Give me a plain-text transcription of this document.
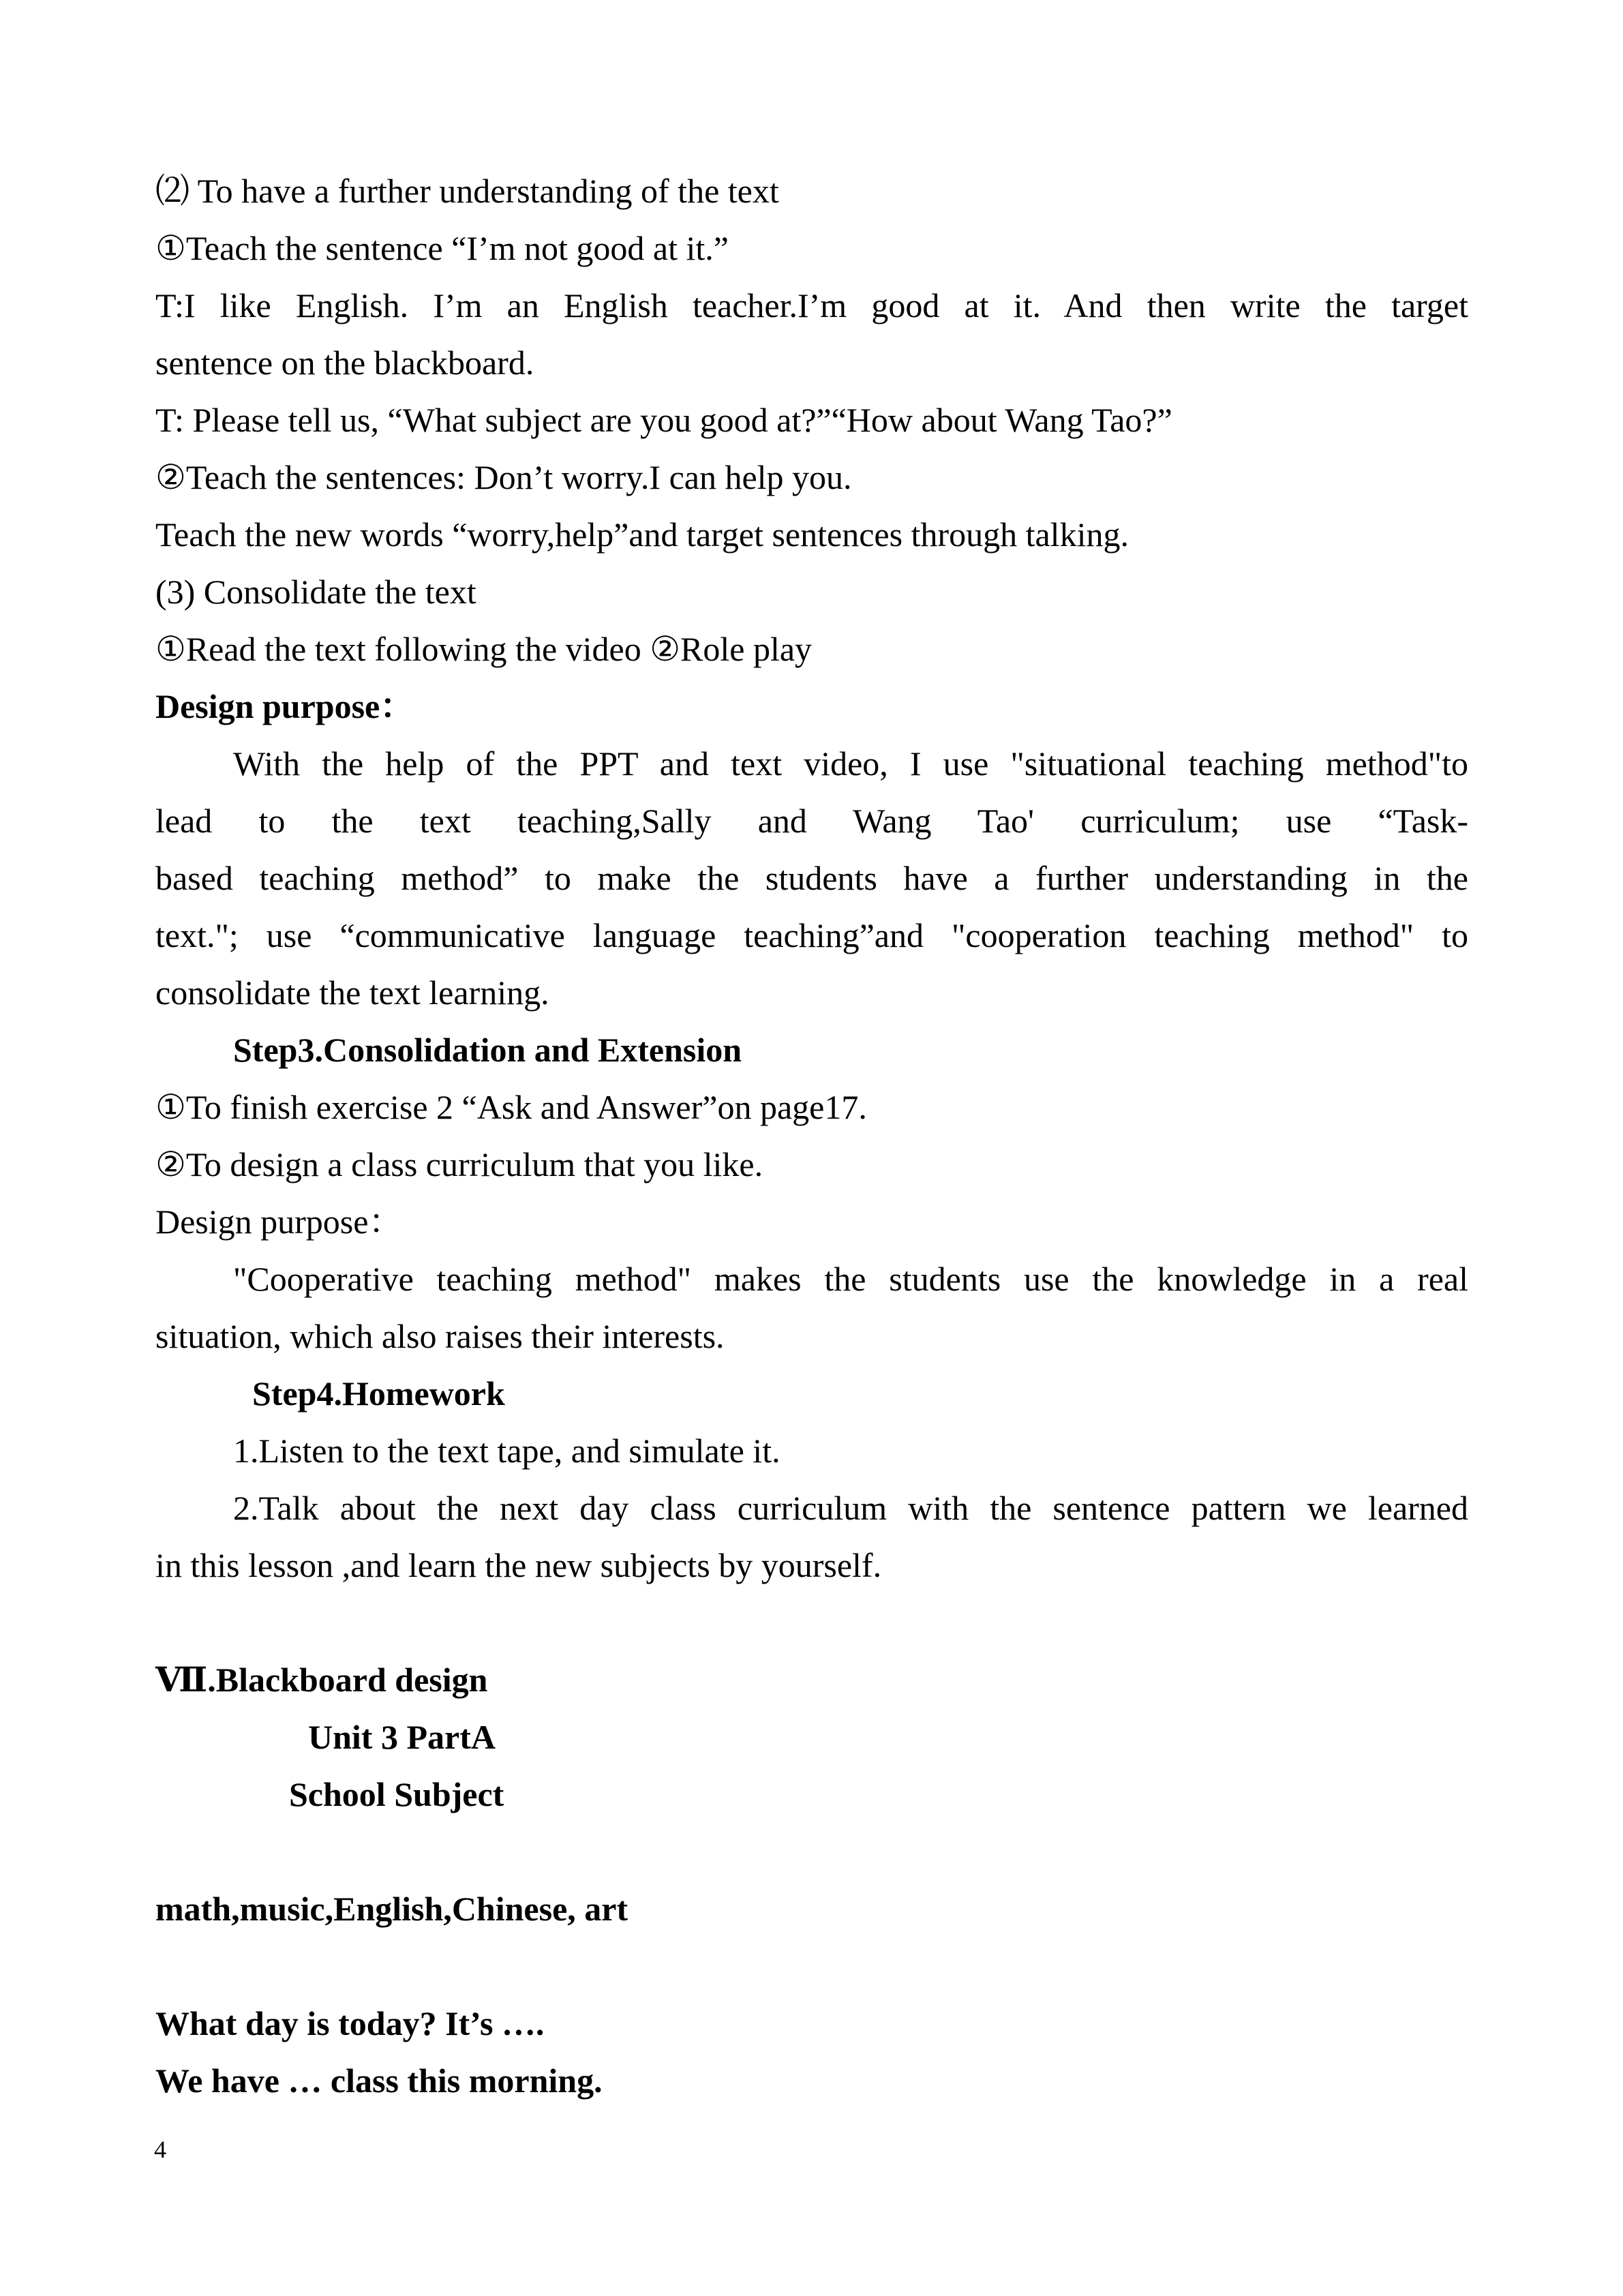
⑵ To have a further understanding of the text
①Teach the sentence “I’m not good at it.”
T:I like English. I’m an English teacher.I’m good at it. And then write the target
sentence on the blackboard.
T: Please tell us, “What subject are you good at?”“How about Wang Tao?”
②Teach the sentences: Don’t worry.I can help you.
Teach the new words “worry,help”and target sentences through talking.
(3) Consolidate the text
①Read the text following the video ②Role play
Design purpose：
With the help of the PPT and text video, I use "situational teaching method"to
lead to the text teaching,Sally and Wang Tao' curriculum; use “Task-
based teaching method” to make the students have a further understanding in the
text."; use “communicative language teaching”and "cooperation teaching method" to
consolidate the text learning.
Step3.Consolidation and Extension
①To finish exercise 2 “Ask and Answer”on page17.
②To design a class curriculum that you like.
Design purpose：
"Cooperative teaching method" makes the students use the knowledge in a real
situation, which also raises their interests.
Step4.Homework
1.Listen to the text tape, and simulate it.
2.Talk about the next day class curriculum with the sentence pattern we learned
in this lesson ,and learn the new subjects by yourself.
Ⅶ.Blackboard design
Unit 3 PartA
School Subject
math,music,English,Chinese, art
What day is today? It’s ….
We have … class this morning.
4
